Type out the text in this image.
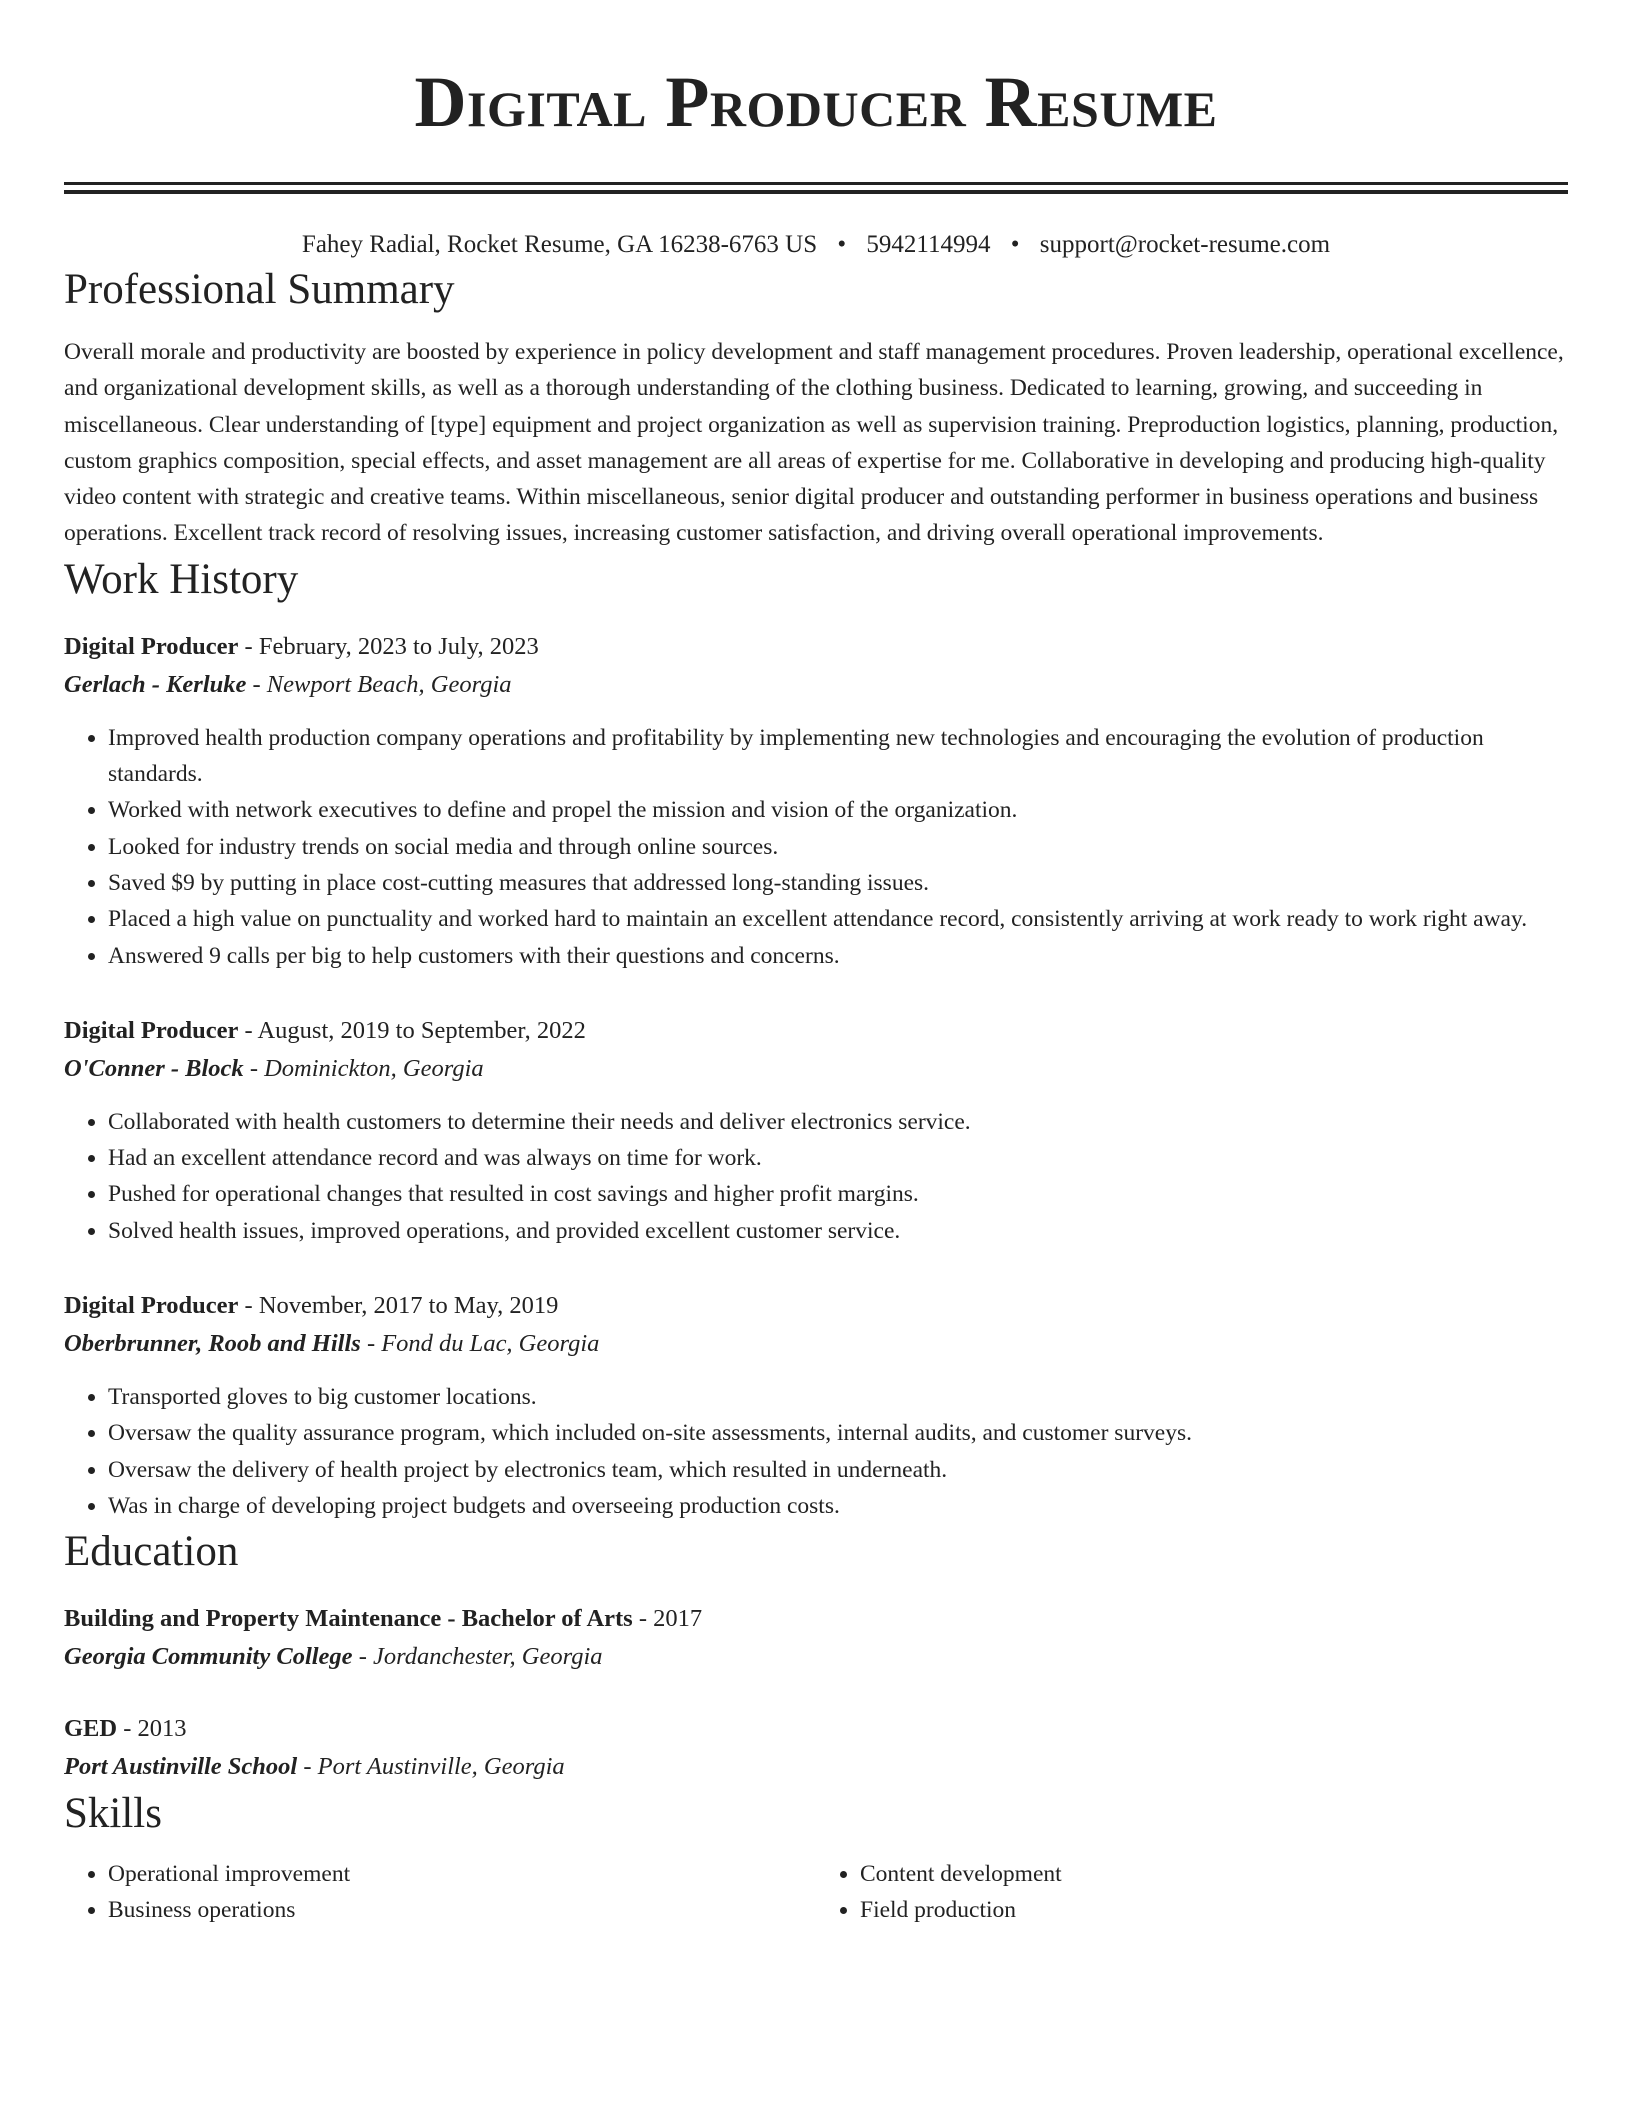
Digital Producer Resume
Fahey Radial, Rocket Resume, GA 16238-6763 US • 5942114994 • support@rocket-resume.com
Professional Summary
Overall morale and productivity are boosted by experience in policy development and staff management procedures. Proven leadership, operational excellence, and organizational development skills, as well as a thorough understanding of the clothing business. Dedicated to learning, growing, and succeeding in miscellaneous. Clear understanding of [type] equipment and project organization as well as supervision training. Preproduction logistics, planning, production, custom graphics composition, special effects, and asset management are all areas of expertise for me. Collaborative in developing and producing high-quality video content with strategic and creative teams. Within miscellaneous, senior digital producer and outstanding performer in business operations and business operations. Excellent track record of resolving issues, increasing customer satisfaction, and driving overall operational improvements.
Work History
Digital Producer - February, 2023 to July, 2023
Gerlach - Kerluke - Newport Beach, Georgia
• Improved health production company operations and profitability by implementing new technologies and encouraging the evolution of production standards.
• Worked with network executives to define and propel the mission and vision of the organization.
• Looked for industry trends on social media and through online sources.
• Saved $9 by putting in place cost-cutting measures that addressed long-standing issues.
• Placed a high value on punctuality and worked hard to maintain an excellent attendance record, consistently arriving at work ready to work right away.
• Answered 9 calls per big to help customers with their questions and concerns.
Digital Producer - August, 2019 to September, 2022
O'Conner - Block - Dominickton, Georgia
• Collaborated with health customers to determine their needs and deliver electronics service.
• Had an excellent attendance record and was always on time for work.
• Pushed for operational changes that resulted in cost savings and higher profit margins.
• Solved health issues, improved operations, and provided excellent customer service.
Digital Producer - November, 2017 to May, 2019
Oberbrunner, Roob and Hills - Fond du Lac, Georgia
• Transported gloves to big customer locations.
• Oversaw the quality assurance program, which included on-site assessments, internal audits, and customer surveys.
• Oversaw the delivery of health project by electronics team, which resulted in underneath.
• Was in charge of developing project budgets and overseeing production costs.
Education
Building and Property Maintenance - Bachelor of Arts - 2017
Georgia Community College - Jordanchester, Georgia
GED - 2013
Port Austinville School - Port Austinville, Georgia
Skills
• Operational improvement
• Business operations
• Content development
• Field production
